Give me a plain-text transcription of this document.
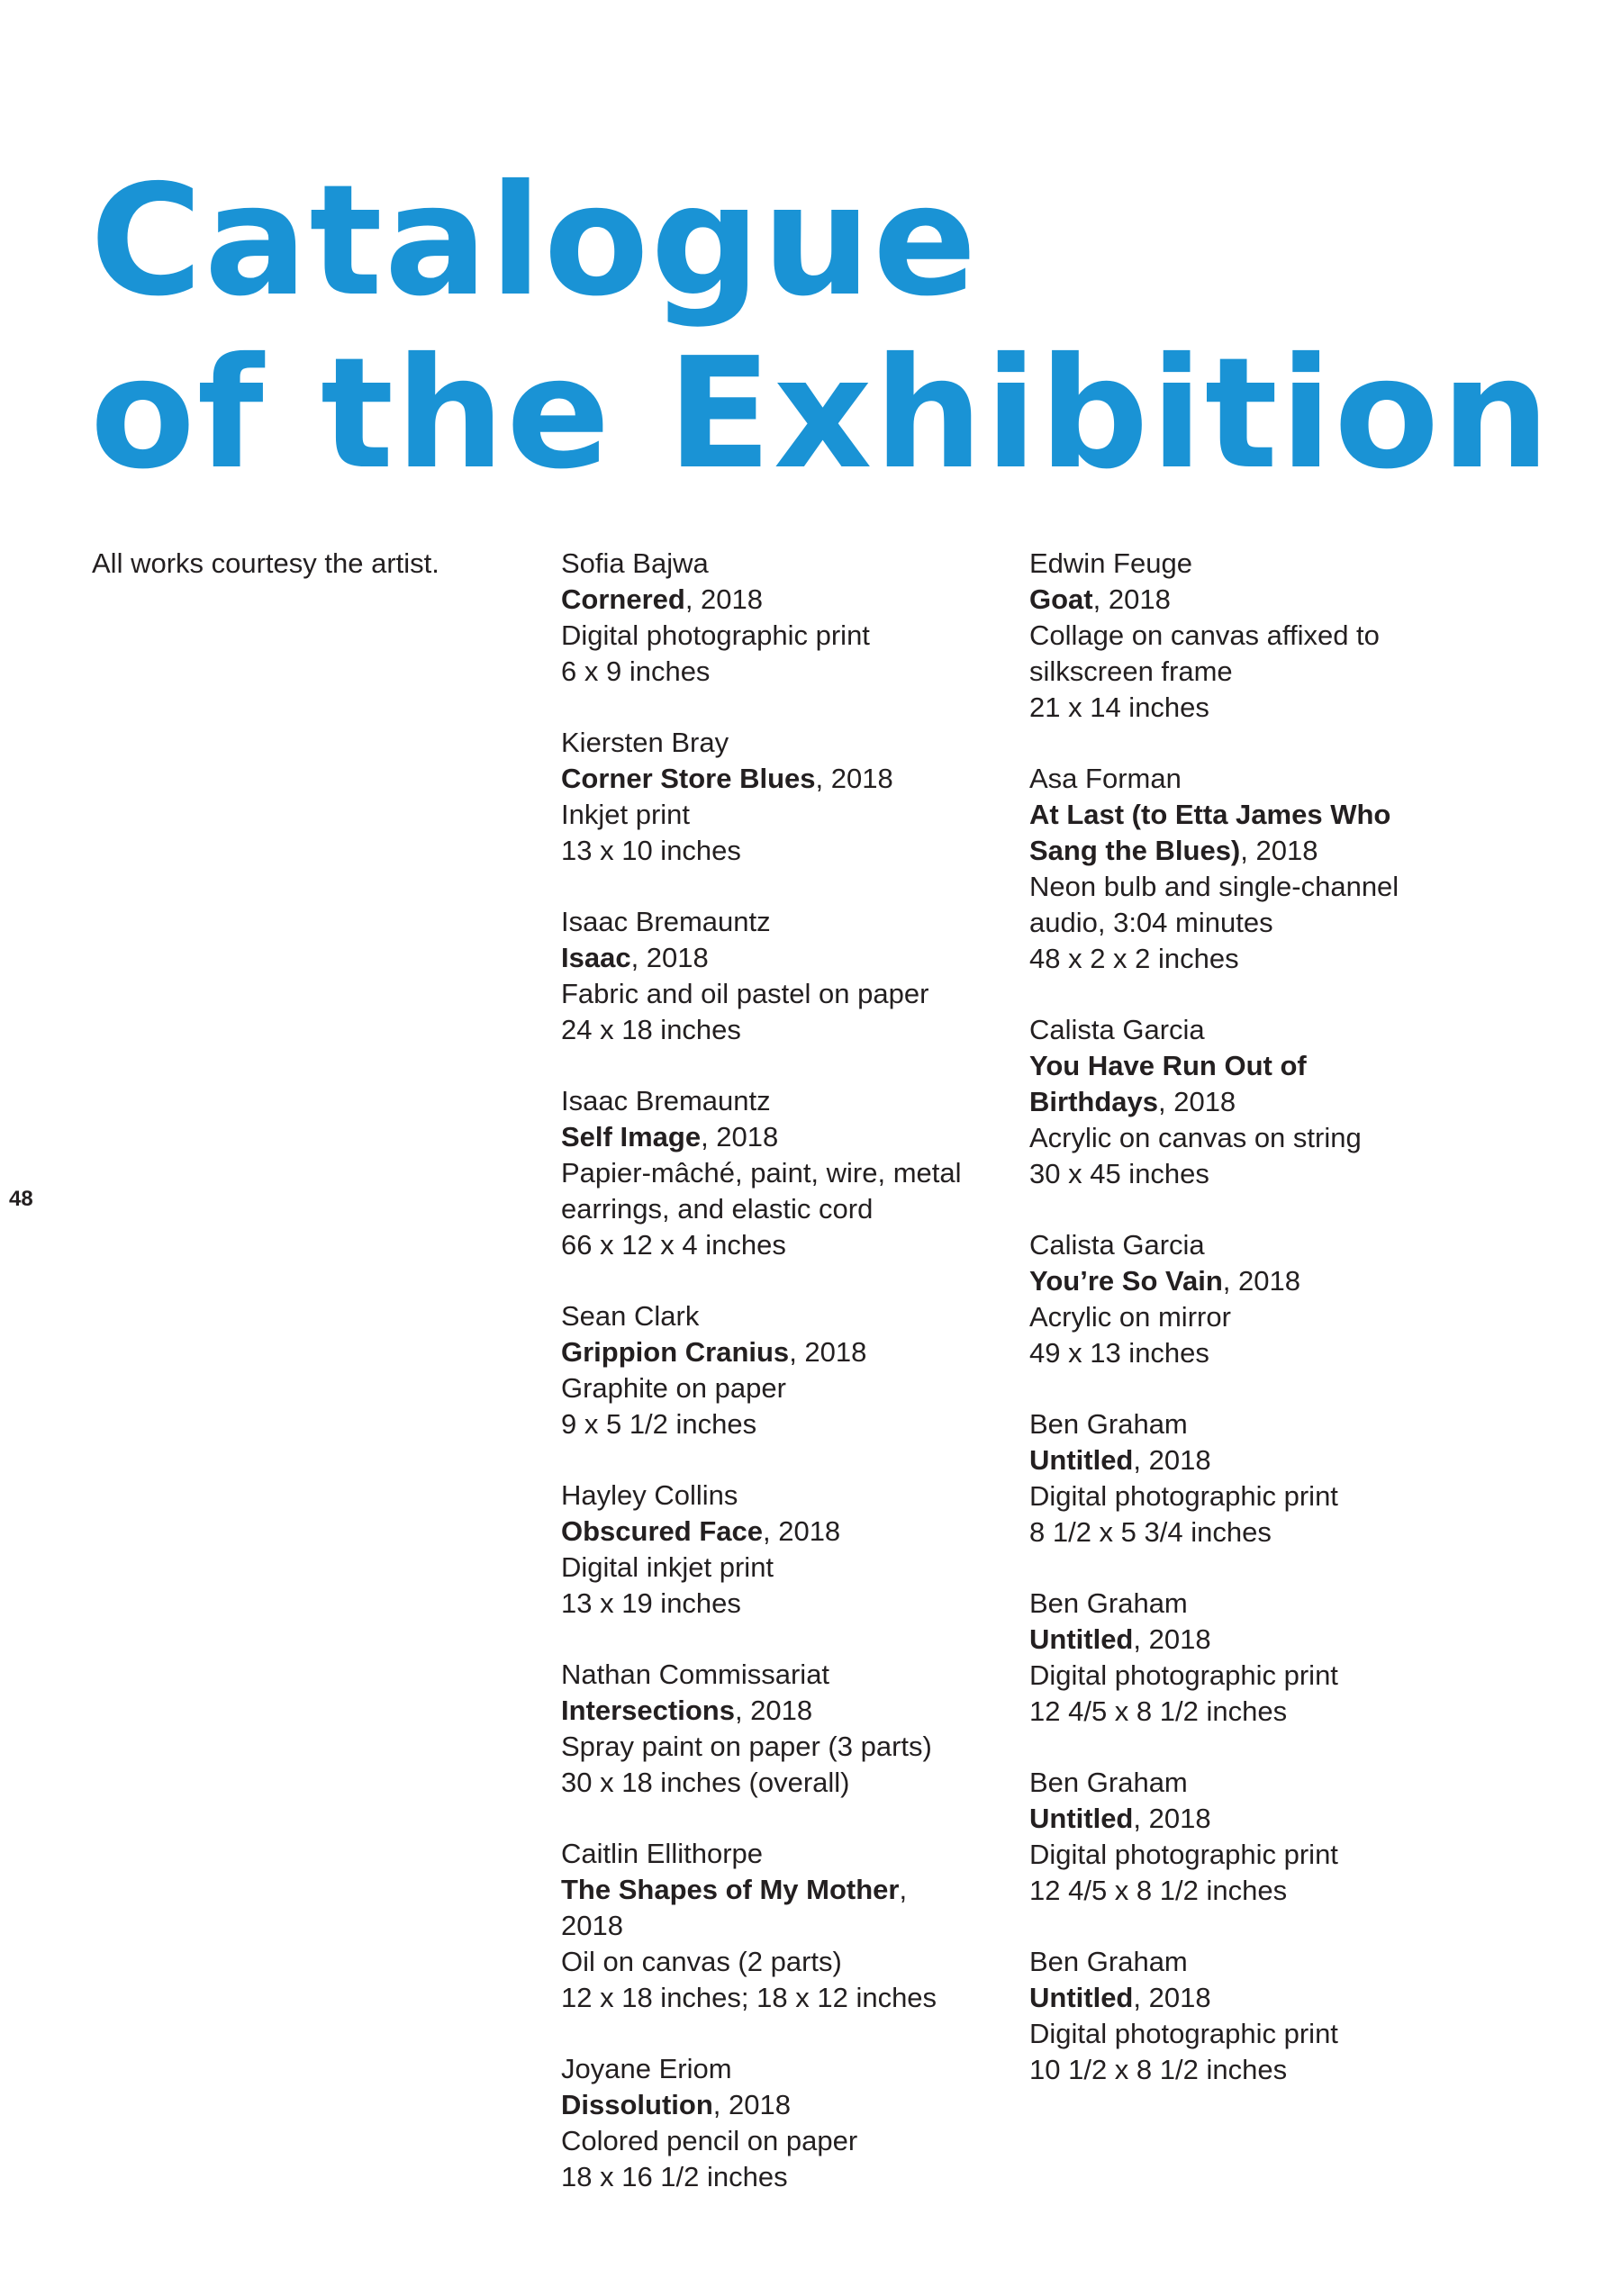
Catalogue
of the Exhibition

All works courtesy the artist.

48

Sofia Bajwa
Cornered, 2018
Digital photographic print
6 x 9 inches
Kiersten Bray
Corner Store Blues, 2018
Inkjet print
13 x 10 inches
Isaac Bremauntz
Isaac, 2018
Fabric and oil pastel on paper
24 x 18 inches
Isaac Bremauntz
Self Image, 2018
Papier-mâché, paint, wire, metal
earrings, and elastic cord
66 x 12 x 4 inches
Sean Clark
Grippion Cranius, 2018
Graphite on paper
9 x 5 1/2 inches
Hayley Collins
Obscured Face, 2018
Digital inkjet print
13 x 19 inches
Nathan Commissariat
Intersections, 2018
Spray paint on paper (3 parts)
30 x 18 inches (overall)
Caitlin Ellithorpe
The Shapes of My Mother,
2018
Oil on canvas (2 parts)
12 x 18 inches; 18 x 12 inches
Joyane Eriom
Dissolution, 2018
Colored pencil on paper
18 x 16 1/2 inches
Edwin Feuge
Goat, 2018
Collage on canvas affixed to
silkscreen frame
21 x 14 inches
Asa Forman
At Last (to Etta James Who
Sang the Blues), 2018
Neon bulb and single-channel
audio, 3:04 minutes
48 x 2 x 2 inches
Calista Garcia
You Have Run Out of
Birthdays, 2018
Acrylic on canvas on string
30 x 45 inches
Calista Garcia
You’re So Vain, 2018
Acrylic on mirror
49 x 13 inches
Ben Graham
Untitled, 2018
Digital photographic print
8 1/2 x 5 3/4 inches
Ben Graham
Untitled, 2018
Digital photographic print
12 4/5 x 8 1/2 inches
Ben Graham
Untitled, 2018
Digital photographic print
12 4/5 x 8 1/2 inches
Ben Graham
Untitled, 2018
Digital photographic print
10 1/2 x 8 1/2 inches
